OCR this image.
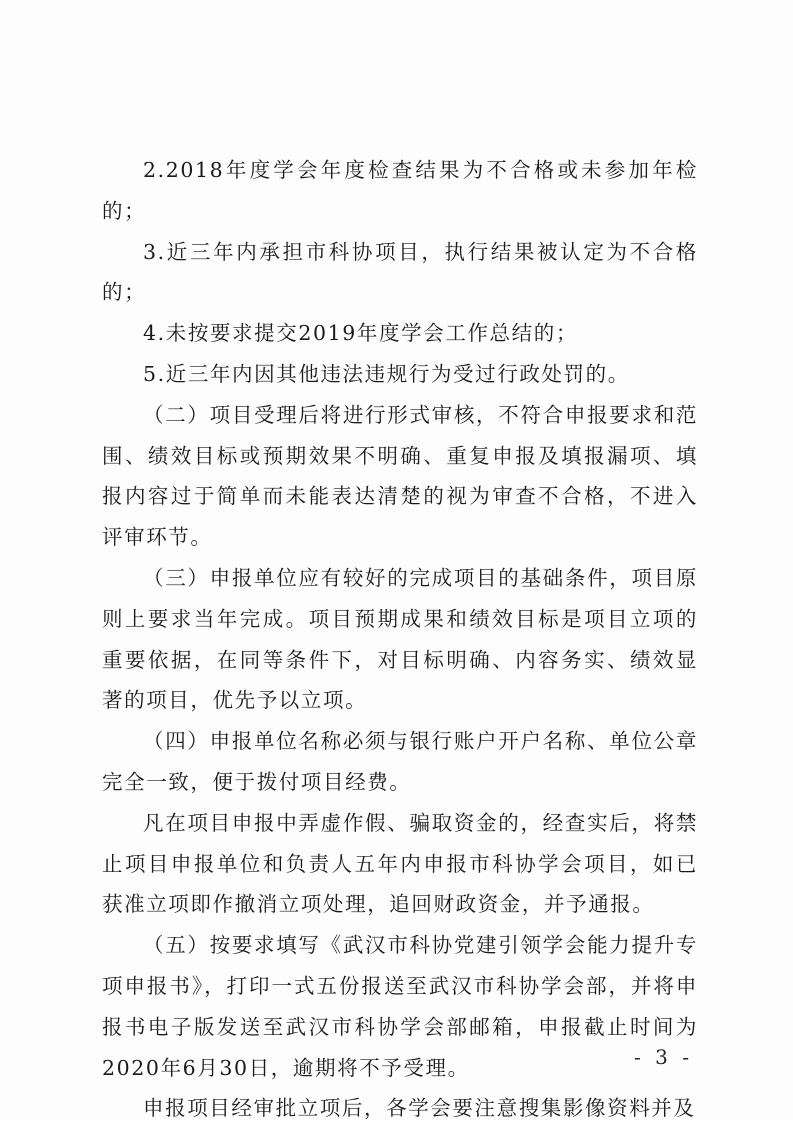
2.2018年度学会年度检查结果为不合格或未参加年检的；

3.近三年内承担市科协项目，执行结果被认定为不合格的；

4.未按要求提交2019年度学会工作总结的；

5.近三年内因其他违法违规行为受过行政处罚的。

（二）项目受理后将进行形式审核，不符合申报要求和范围、绩效目标或预期效果不明确、重复申报及填报漏项、填报内容过于简单而未能表达清楚的视为审查不合格，不进入评审环节。

（三）申报单位应有较好的完成项目的基础条件，项目原则上要求当年完成。项目预期成果和绩效目标是项目立项的重要依据，在同等条件下，对目标明确、内容务实、绩效显著的项目，优先予以立项。

（四）申报单位名称必须与银行账户开户名称、单位公章完全一致，便于拨付项目经费。

凡在项目申报中弄虚作假、骗取资金的，经查实后，将禁止项目申报单位和负责人五年内申报市科协学会项目，如已获准立项即作撤消立项处理，追回财政资金，并予通报。

（五）按要求填写《武汉市科协党建引领学会能力提升专项申报书》，打印一式五份报送至武汉市科协学会部，并将申报书电子版发送至武汉市科协学会部邮箱，申报截止时间为2020年6月30日，逾期将不予受理。

申报项目经审批立项后，各学会要注意搜集影像资料并及

- 3 -
